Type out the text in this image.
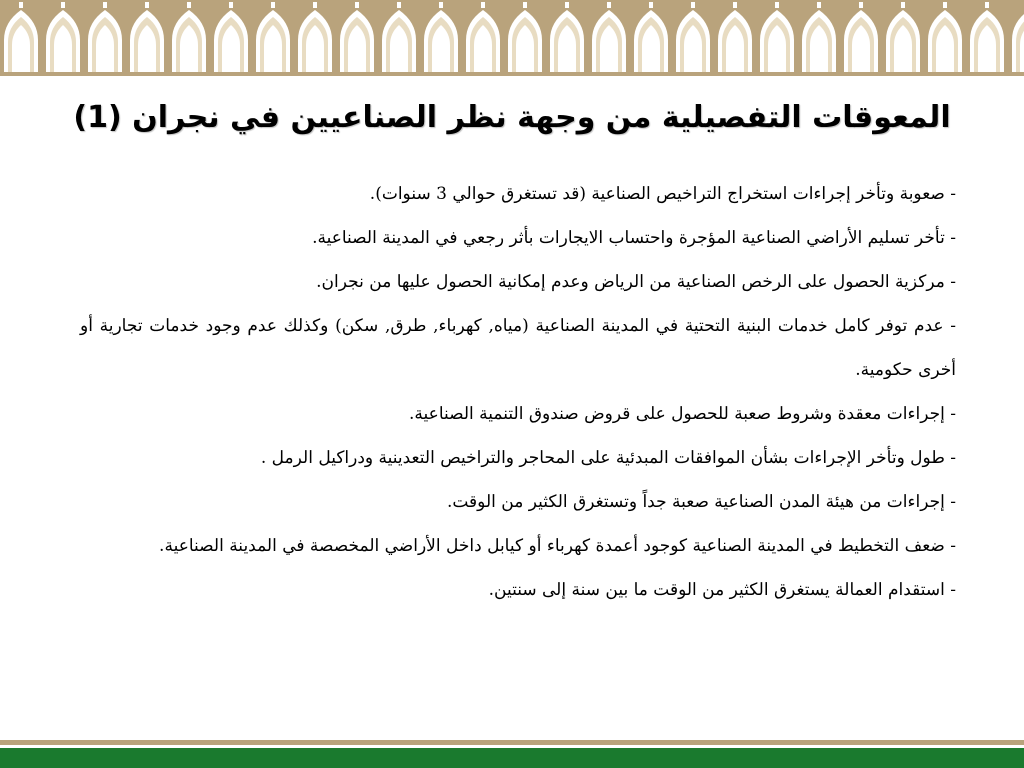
المعوقات التفصيلية من وجهة نظر الصناعيين في نجران (1)

- صعوبة وتأخر إجراءات استخراج التراخيص الصناعية (قد تستغرق حوالي 3 سنوات).

- تأخر تسليم الأراضي الصناعية المؤجرة واحتساب الايجارات بأثر رجعي في المدينة الصناعية.

- مركزية الحصول على الرخص الصناعية من الرياض وعدم إمكانية الحصول عليها من نجران.

- عدم توفر كامل خدمات البنية التحتية في المدينة الصناعية (مياه, كهرباء, طرق, سكن) وكذلك عدم وجود خدمات تجارية أو أخرى حكومية.

- إجراءات معقدة وشروط صعبة للحصول على قروض صندوق التنمية الصناعية.

- طول وتأخر الإجراءات بشأن الموافقات المبدئية على المحاجر والتراخيص التعدينية ودراكيل الرمل .

- إجراءات من هيئة المدن الصناعية صعبة جداً وتستغرق الكثير من الوقت.

- ضعف التخطيط في المدينة الصناعية كوجود أعمدة كهرباء أو كيابل داخل الأراضي المخصصة في المدينة الصناعية.

- استقدام العمالة يستغرق الكثير من الوقت ما بين سنة إلى سنتين.
